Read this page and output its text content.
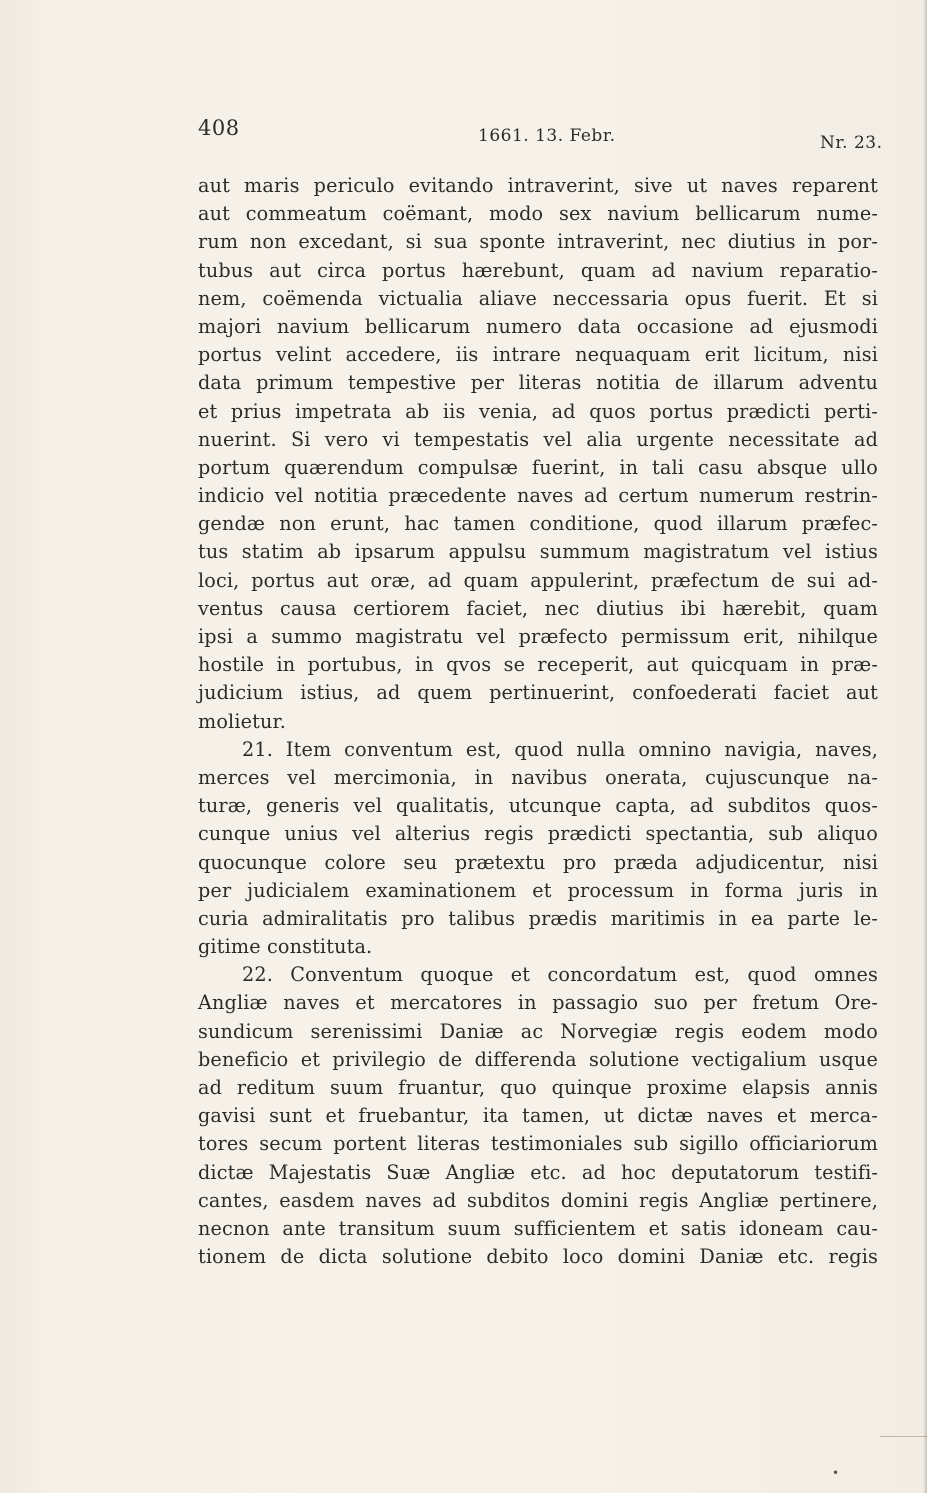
408	1661. 13. Febr.	Nr. 23.
aut maris periculo evitando intraverint, sive ut naves reparent
aut commeatum coëmant, modo sex navium bellicarum nume-
rum non excedant, si sua sponte intraverint, nec diutius in por-
tubus aut circa portus hærebunt, quam ad navium reparatio-
nem, coëmenda victualia aliave neccessaria opus fuerit. Et si
majori navium bellicarum numero data occasione ad ejusmodi
portus velint accedere, iis intrare nequaquam erit licitum, nisi
data primum tempestive per literas notitia de illarum adventu
et prius impetrata ab iis venia, ad quos portus prædicti perti-
nuerint. Si vero vi tempestatis vel alia urgente necessitate ad
portum quærendum compulsæ fuerint, in tali casu absque ullo
indicio vel notitia præcedente naves ad certum numerum restrin-
gendæ non erunt, hac tamen conditione, quod illarum præfec-
tus statim ab ipsarum appulsu summum magistratum vel istius
loci, portus aut oræ, ad quam appulerint, præfectum de sui ad-
ventus causa certiorem faciet, nec diutius ibi hærebit, quam
ipsi a summo magistratu vel præfecto permissum erit, nihilque
hostile in portubus, in qvos se receperit, aut quicquam in præ-
judicium istius, ad quem pertinuerint, confoederati faciet aut
molietur.
21. Item conventum est, quod nulla omnino navigia, naves,
merces vel mercimonia, in navibus onerata, cujuscunque na-
turæ, generis vel qualitatis, utcunque capta, ad subditos quos-
cunque unius vel alterius regis prædicti spectantia, sub aliquo
quocunque colore seu prætextu pro præda adjudicentur, nisi
per judicialem examinationem et processum in forma juris in
curia admiralitatis pro talibus prædis maritimis in ea parte le-
gitime constituta.
22. Conventum quoque et concordatum est, quod omnes
Angliæ naves et mercatores in passagio suo per fretum Ore-
sundicum serenissimi Daniæ ac Norvegiæ regis eodem modo
beneficio et privilegio de differenda solutione vectigalium usque
ad reditum suum fruantur, quo quinque proxime elapsis annis
gavisi sunt et fruebantur, ita tamen, ut dictæ naves et merca-
tores secum portent literas testimoniales sub sigillo officiariorum
dictæ Majestatis Suæ Angliæ etc. ad hoc deputatorum testifi-
cantes, easdem naves ad subditos domini regis Angliæ pertinere,
necnon ante transitum suum sufficientem et satis idoneam cau-
tionem de dicta solutione debito loco domini Daniæ etc. regis
•
